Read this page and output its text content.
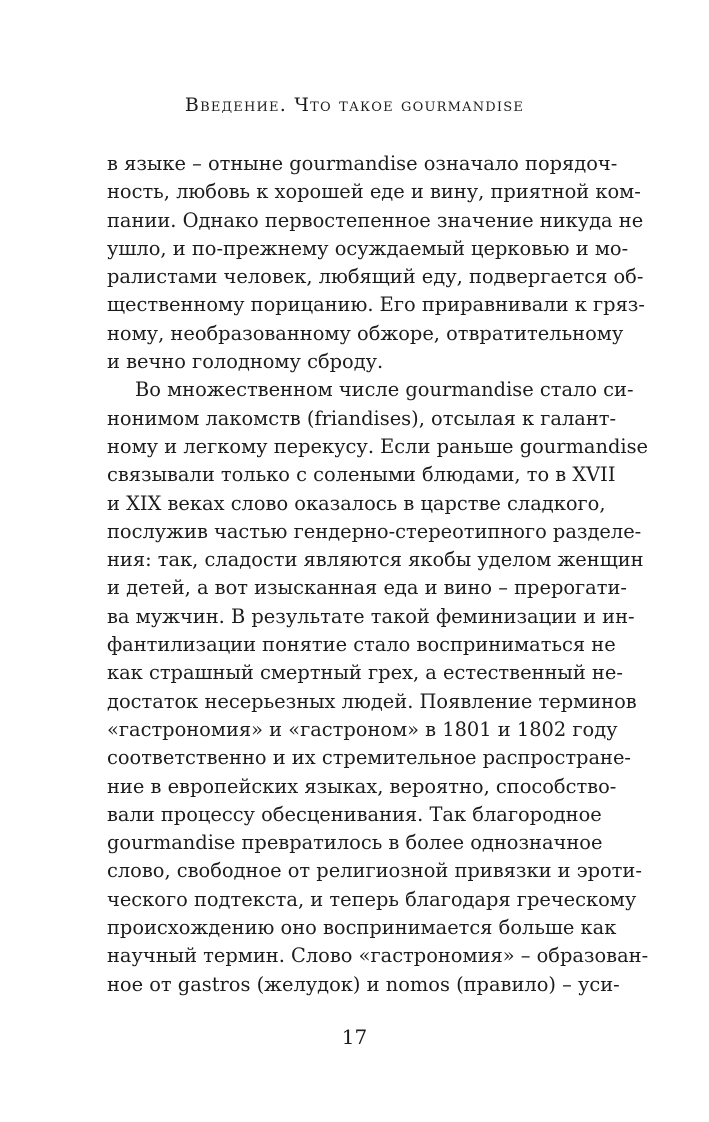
Введение. Что такое gourmandise
в языке – отныне gourmandise означало порядоч-
ность, любовь к хорошей еде и вину, приятной ком-
пании. Однако первостепенное значение никуда не
ушло, и по-прежнему осуждаемый церковью и мо-
ралистами человек, любящий еду, подвергается об-
щественному порицанию. Его приравнивали к гряз-
ному, необразованному обжоре, отвратительному
и вечно голодному сброду.
Во множественном числе gourmandise стало си-
нонимом лакомств (friandises), отсылая к галант-
ному и легкому перекусу. Если раньше gourmandise
связывали только с солеными блюдами, то в XVII
и XIX веках слово оказалось в царстве сладкого,
послужив частью гендерно-стереотипного разделе-
ния: так, сладости являются якобы уделом женщин
и детей, а вот изысканная еда и вино – прерогати-
ва мужчин. В результате такой феминизации и ин-
фантилизации понятие стало восприниматься не
как страшный смертный грех, а естественный не-
достаток несерьезных людей. Появление терминов
«гастрономия» и «гастроном» в 1801 и 1802 году
соответственно и их стремительное распростране-
ние в европейских языках, вероятно, способство-
вали процессу обесценивания. Так благородное
gourmandise превратилось в более однозначное
слово, свободное от религиозной привязки и эроти-
ческого подтекста, и теперь благодаря греческому
происхождению оно воспринимается больше как
научный термин. Слово «гастрономия» – образован-
ное от gastros (желудок) и nomos (правило) – уси-
17
